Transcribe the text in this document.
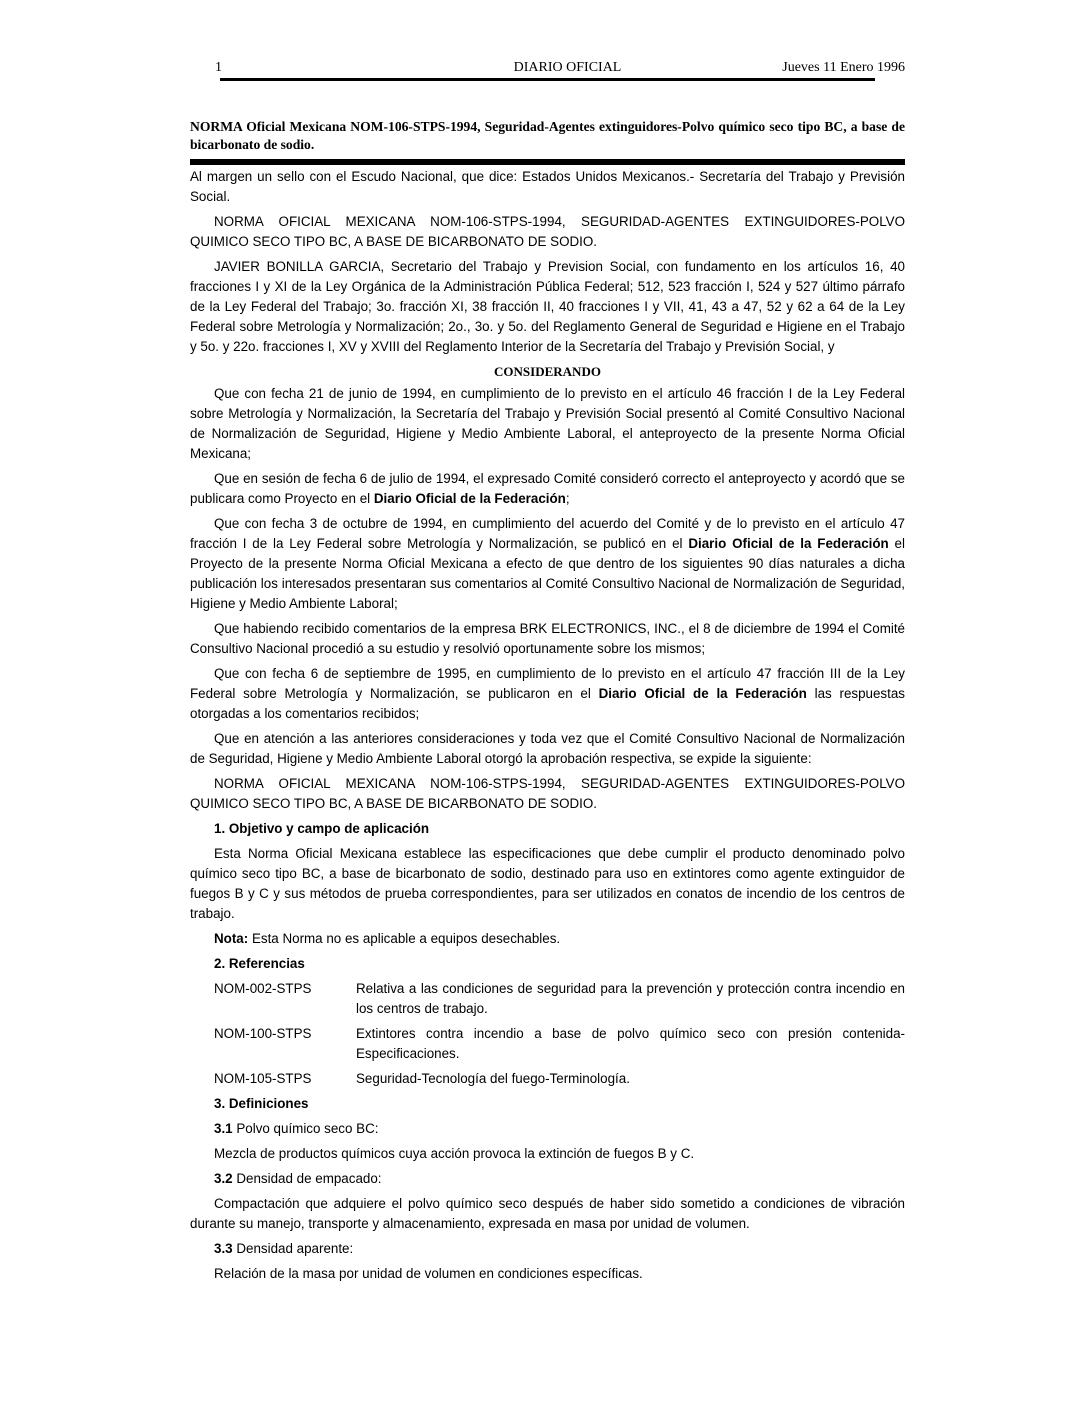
1	DIARIO OFICIAL	Jueves 11 Enero 1996
NORMA Oficial Mexicana NOM-106-STPS-1994, Seguridad-Agentes extinguidores-Polvo químico seco tipo BC, a base de bicarbonato de sodio.

Al margen un sello con el Escudo Nacional, que dice: Estados Unidos Mexicanos.- Secretaría del Trabajo y Previsión Social.

NORMA OFICIAL MEXICANA NOM-106-STPS-1994, SEGURIDAD-AGENTES EXTINGUIDORES-POLVO QUIMICO SECO TIPO BC, A BASE DE BICARBONATO DE SODIO.

JAVIER BONILLA GARCIA, Secretario del Trabajo y Prevision Social, con fundamento en los artículos 16, 40 fracciones I y XI de la Ley Orgánica de la Administración Pública Federal; 512, 523 fracción I, 524 y 527 último párrafo de la Ley Federal del Trabajo; 3o. fracción XI, 38 fracción II, 40 fracciones I y VII, 41, 43 a 47, 52 y 62 a 64 de la Ley Federal sobre Metrología y Normalización; 2o., 3o. y 5o. del Reglamento General de Seguridad e Higiene en el Trabajo y 5o. y 22o. fracciones I, XV y XVIII del Reglamento Interior de la Secretaría del Trabajo y Previsión Social, y

CONSIDERANDO

Que con fecha 21 de junio de 1994, en cumplimiento de lo previsto en el artículo 46 fracción I de la Ley Federal sobre Metrología y Normalización, la Secretaría del Trabajo y Previsión Social presentó al Comité Consultivo Nacional de Normalización de Seguridad, Higiene y Medio Ambiente Laboral, el anteproyecto de la presente Norma Oficial Mexicana;

Que en sesión de fecha 6 de julio de 1994, el expresado Comité consideró correcto el anteproyecto y acordó que se publicara como Proyecto en el Diario Oficial de la Federación;

Que con fecha 3 de octubre de 1994, en cumplimiento del acuerdo del Comité y de lo previsto en el artículo 47 fracción I de la Ley Federal sobre Metrología y Normalización, se publicó en el Diario Oficial de la Federación el Proyecto de la presente Norma Oficial Mexicana a efecto de que dentro de los siguientes 90 días naturales a dicha publicación los interesados presentaran sus comentarios al Comité Consultivo Nacional de Normalización de Seguridad, Higiene y Medio Ambiente Laboral;

Que habiendo recibido comentarios de la empresa BRK ELECTRONICS, INC., el 8 de diciembre de 1994 el Comité Consultivo Nacional procedió a su estudio y resolvió oportunamente sobre los mismos;

Que con fecha 6 de septiembre de 1995, en cumplimiento de lo previsto en el artículo 47 fracción III de la Ley Federal sobre Metrología y Normalización, se publicaron en el Diario Oficial de la Federación las respuestas otorgadas a los comentarios recibidos;

Que en atención a las anteriores consideraciones y toda vez que el Comité Consultivo Nacional de Normalización de Seguridad, Higiene y Medio Ambiente Laboral otorgó la aprobación respectiva, se expide la siguiente:

NORMA OFICIAL MEXICANA NOM-106-STPS-1994, SEGURIDAD-AGENTES EXTINGUIDORES-POLVO QUIMICO SECO TIPO BC, A BASE DE BICARBONATO DE SODIO.

1. Objetivo y campo de aplicación

Esta Norma Oficial Mexicana establece las especificaciones que debe cumplir el producto denominado polvo químico seco tipo BC, a base de bicarbonato de sodio, destinado para uso en extintores como agente extinguidor de fuegos B y C y sus métodos de prueba correspondientes, para ser utilizados en conatos de incendio de los centros de trabajo.

Nota: Esta Norma no es aplicable a equipos desechables.

2. Referencias

NOM-002-STPS	Relativa a las condiciones de seguridad para la prevención y protección contra incendio en los centros de trabajo.
NOM-100-STPS	Extintores contra incendio a base de polvo químico seco con presión contenida-Especificaciones.
NOM-105-STPS	Seguridad-Tecnología del fuego-Terminología.

3. Definiciones

3.1 Polvo químico seco BC:

Mezcla de productos químicos cuya acción provoca la extinción de fuegos B y C.

3.2 Densidad de empacado:

Compactación que adquiere el polvo químico seco después de haber sido sometido a condiciones de vibración durante su manejo, transporte y almacenamiento, expresada en masa por unidad de volumen.

3.3 Densidad aparente:

Relación de la masa por unidad de volumen en condiciones específicas.
